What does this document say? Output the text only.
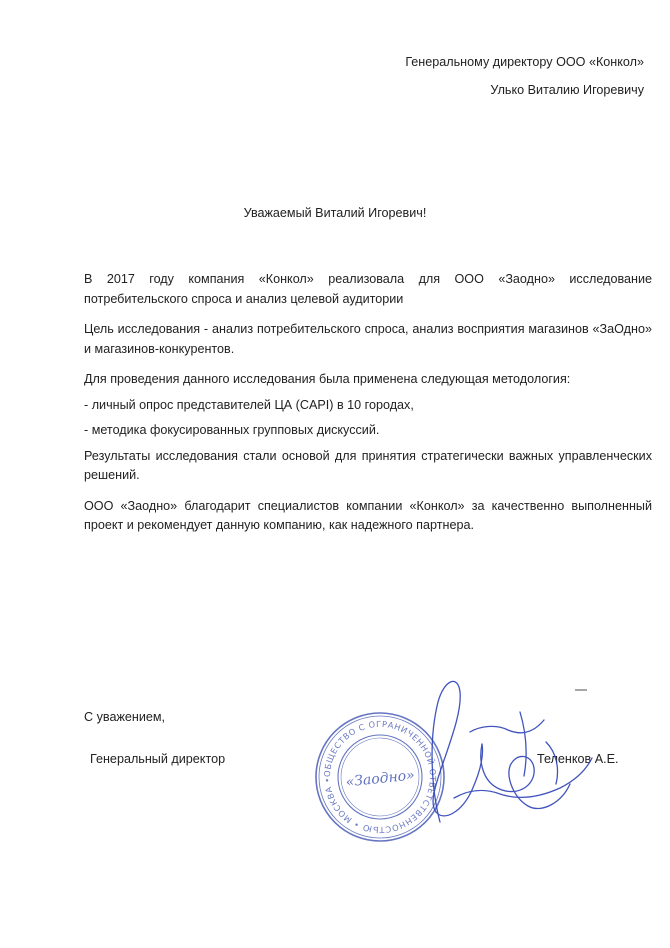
Генеральному директору ООО «Конкол»
Улько Виталию Игоревичу
Уважаемый Виталий Игоревич!

В 2017 году компания «Конкол» реализовала для ООО «Заодно» исследование потребительского спроса и анализ целевой аудитории

Цель исследования - анализ потребительского спроса, анализ восприятия магазинов «ЗаОдно» и магазинов-конкурентов.

Для проведения данного исследования была применена следующая методология:

- личный опрос представителей ЦА (CAPI) в 10 городах,

- методика фокусированных групповых дискуссий.

Результаты исследования стали основой для принятия стратегически важных управленческих решений.

ООО «Заодно» благодарит специалистов компании «Конкол» за качественно выполненный проект и рекомендует данную компанию, как надежного партнера.

С уважением,
Генеральный директор	Теленков А.Е.
ОБЩЕСТВО С ОГРАНИЧЕННОЙ ОТВЕТСТВЕННОСТЬЮ • МОСКВА • «Заодно»
